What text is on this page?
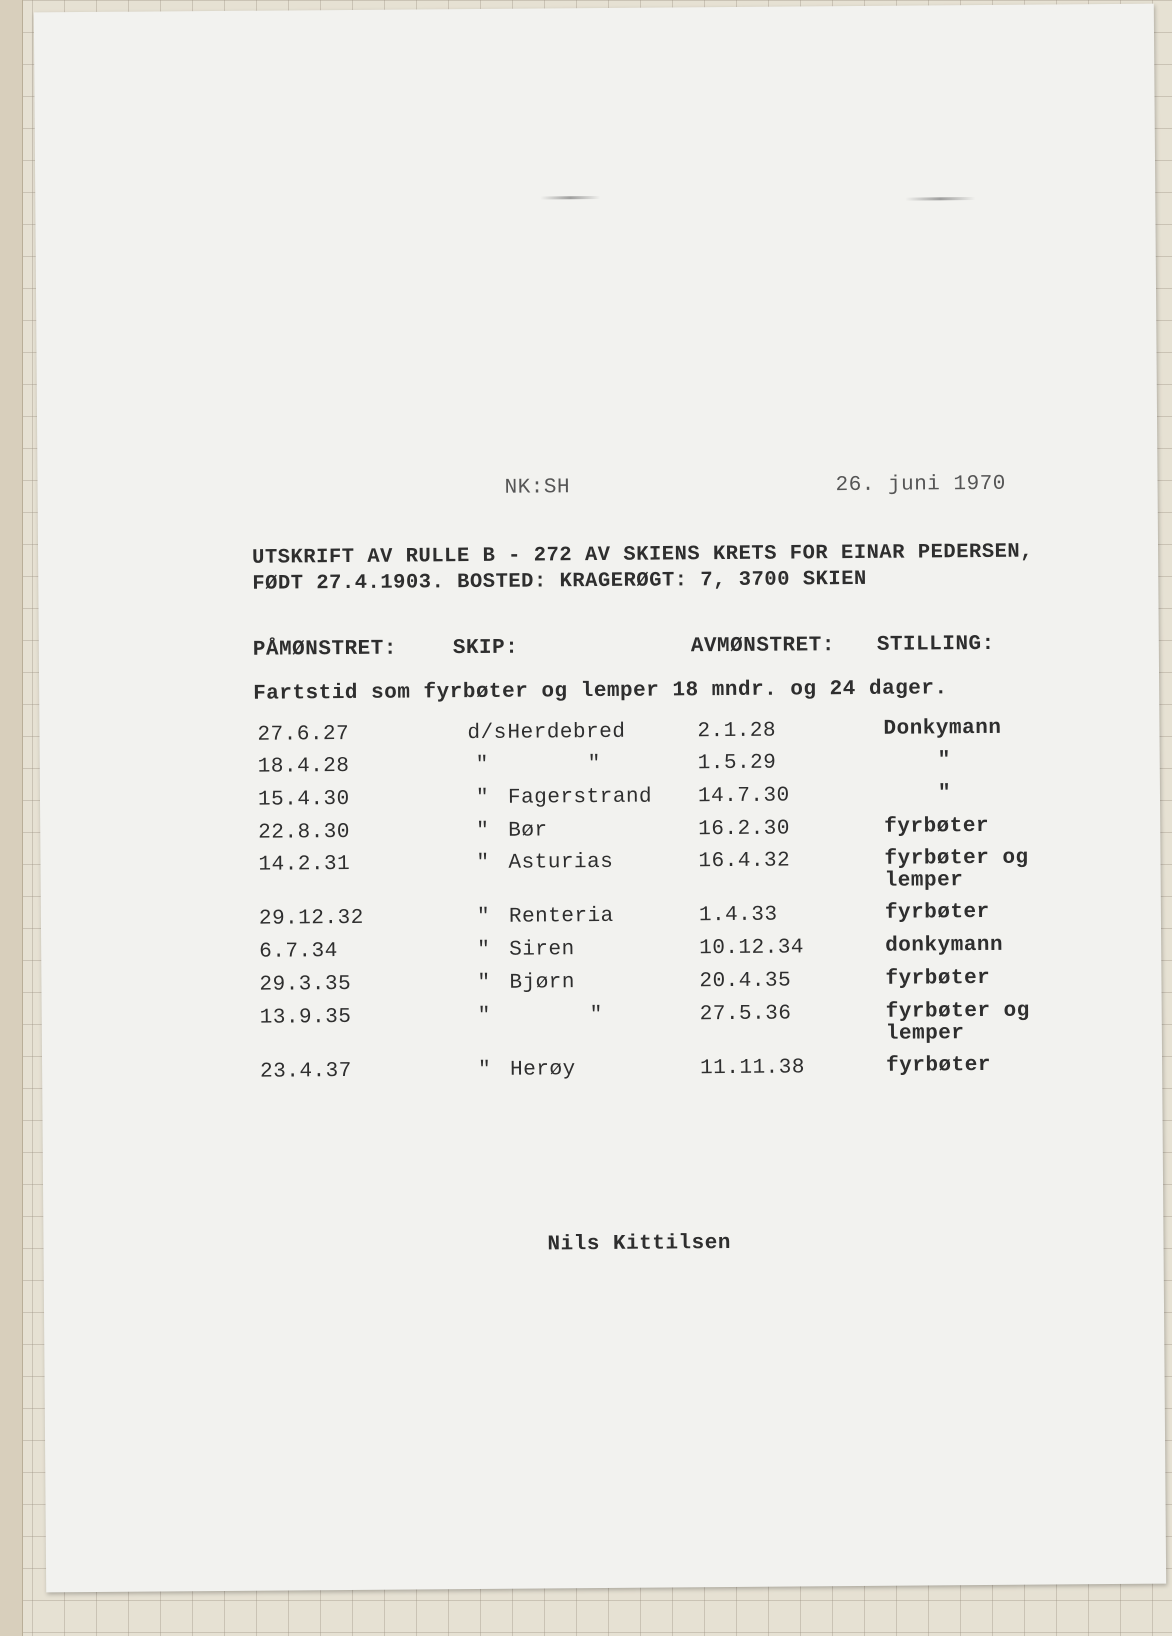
NK:SH	26. juni 1970
UTSKRIFT AV RULLE B - 272 AV SKIENS KRETS FOR EINAR PEDERSEN,
FØDT 27.4.1903. BOSTED: KRAGERØGT: 7, 3700 SKIEN
PÅMØNSTRET:	SKIP:	AVMØNSTRET: STILLING:
Fartstid som fyrbøter og lemper 18 mndr. og 24 dager.
27.6.27	d/s Herdebred	2.1.28	Donkymann
18.4.28	"	"	1.5.29	"
15.4.30	" Fagerstrand 14.7.30	"
22.8.30	" Bør	16.2.30	fyrbøter
14.2.31	" Asturias	16.4.32	fyrbøter og
lemper
29.12.32	" Renteria	1.4.33	fyrbøter
6.7.34	" Siren	10.12.34	donkymann
29.3.35	" Bjørn	20.4.35	fyrbøter
13.9.35	"	"	27.5.36	fyrbøter og
lemper
23.4.37	" Herøy	11.11.38	fyrbøter
Nils Kittilsen
